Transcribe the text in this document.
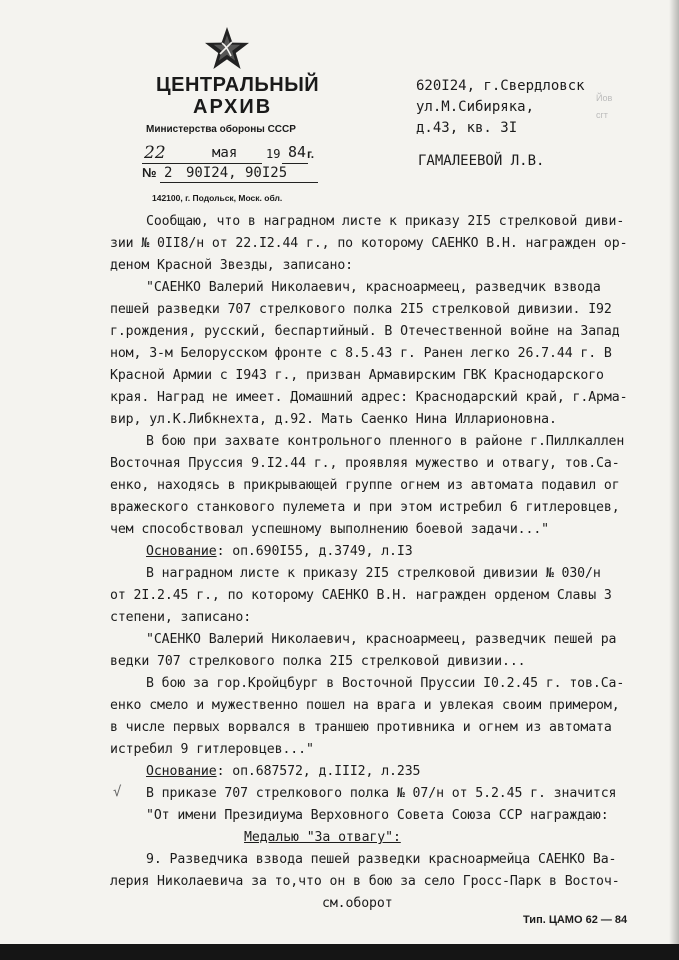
ЦЕНТРАЛЬНЫЙ
АРХИВ
Министерства обороны СССР
22	мая 19 84 г.
№ 2 90I24, 90I25
142100, г. Подольск, Моск. обл.
620I24, г.Свердловск
ул.М.Сибиряка,
д.43, кв. 3I
ГАМАЛЕЕВОЙ Л.В.
Йов
сгт
Сообщаю, что в наградном листе к приказу 2I5 стрелковой диви-
зии № 0II8/н от 22.I2.44 г., по которому САЕНКО В.Н. награжден ор-
деном Красной Звезды, записано:
"САЕНКО Валерий Николаевич, красноармеец, разведчик взвода
пешей разведки 707 стрелкового полка 2I5 стрелковой дивизии. I92
г.рождения, русский, беспартийный. В Отечественной войне на Запад
ном, 3-м Белорусском фронте с 8.5.43 г. Ранен легко 26.7.44 г. В
Красной Армии с I943 г., призван Армавирским ГВК Краснодарского
края. Наград не имеет. Домашний адрес: Краснодарский край, г.Арма-
вир, ул.К.Либкнехта, д.92. Мать Саенко Нина Илларионовна.
В бою при захвате контрольного пленного в районе г.Пиллкаллен
Восточная Пруссия 9.I2.44 г., проявляя мужество и отвагу, тов.Са-
енко, находясь в прикрывающей группе огнем из автомата подавил ог
вражеского станкового пулемета и при этом истребил 6 гитлеровцев,
чем способствовал успешному выполнению боевой задачи..."
Основание: оп.690I55, д.3749, л.I3
В наградном листе к приказу 2I5 стрелковой дивизии № 030/н
от 2I.2.45 г., по которому САЕНКО В.Н. награжден орденом Славы 3
степени, записано:
"САЕНКО Валерий Николаевич, красноармеец, разведчик пешей ра
ведки 707 стрелкового полка 2I5 стрелковой дивизии...
В бою за гор.Кройцбург в Восточной Пруссии I0.2.45 г. тов.Са-
енко смело и мужественно пошел на врага и увлекая своим примером,
в числе первых ворвался в траншею противника и огнем из автомата
истребил 9 гитлеровцев..."
Основание: оп.687572, д.III2, л.235
√ В приказе 707 стрелкового полка № 07/н от 5.2.45 г. значится
"От имени Президиума Верховного Совета Союза ССР награждаю:
Медалью "За отвагу":
9. Разведчика взвода пешей разведки красноармейца САЕНКО Ва-
лерия Николаевича за то,что он в бою за село Гросс-Парк в Восточ-
см.оборот
Тип. ЦАМО 62 — 84
